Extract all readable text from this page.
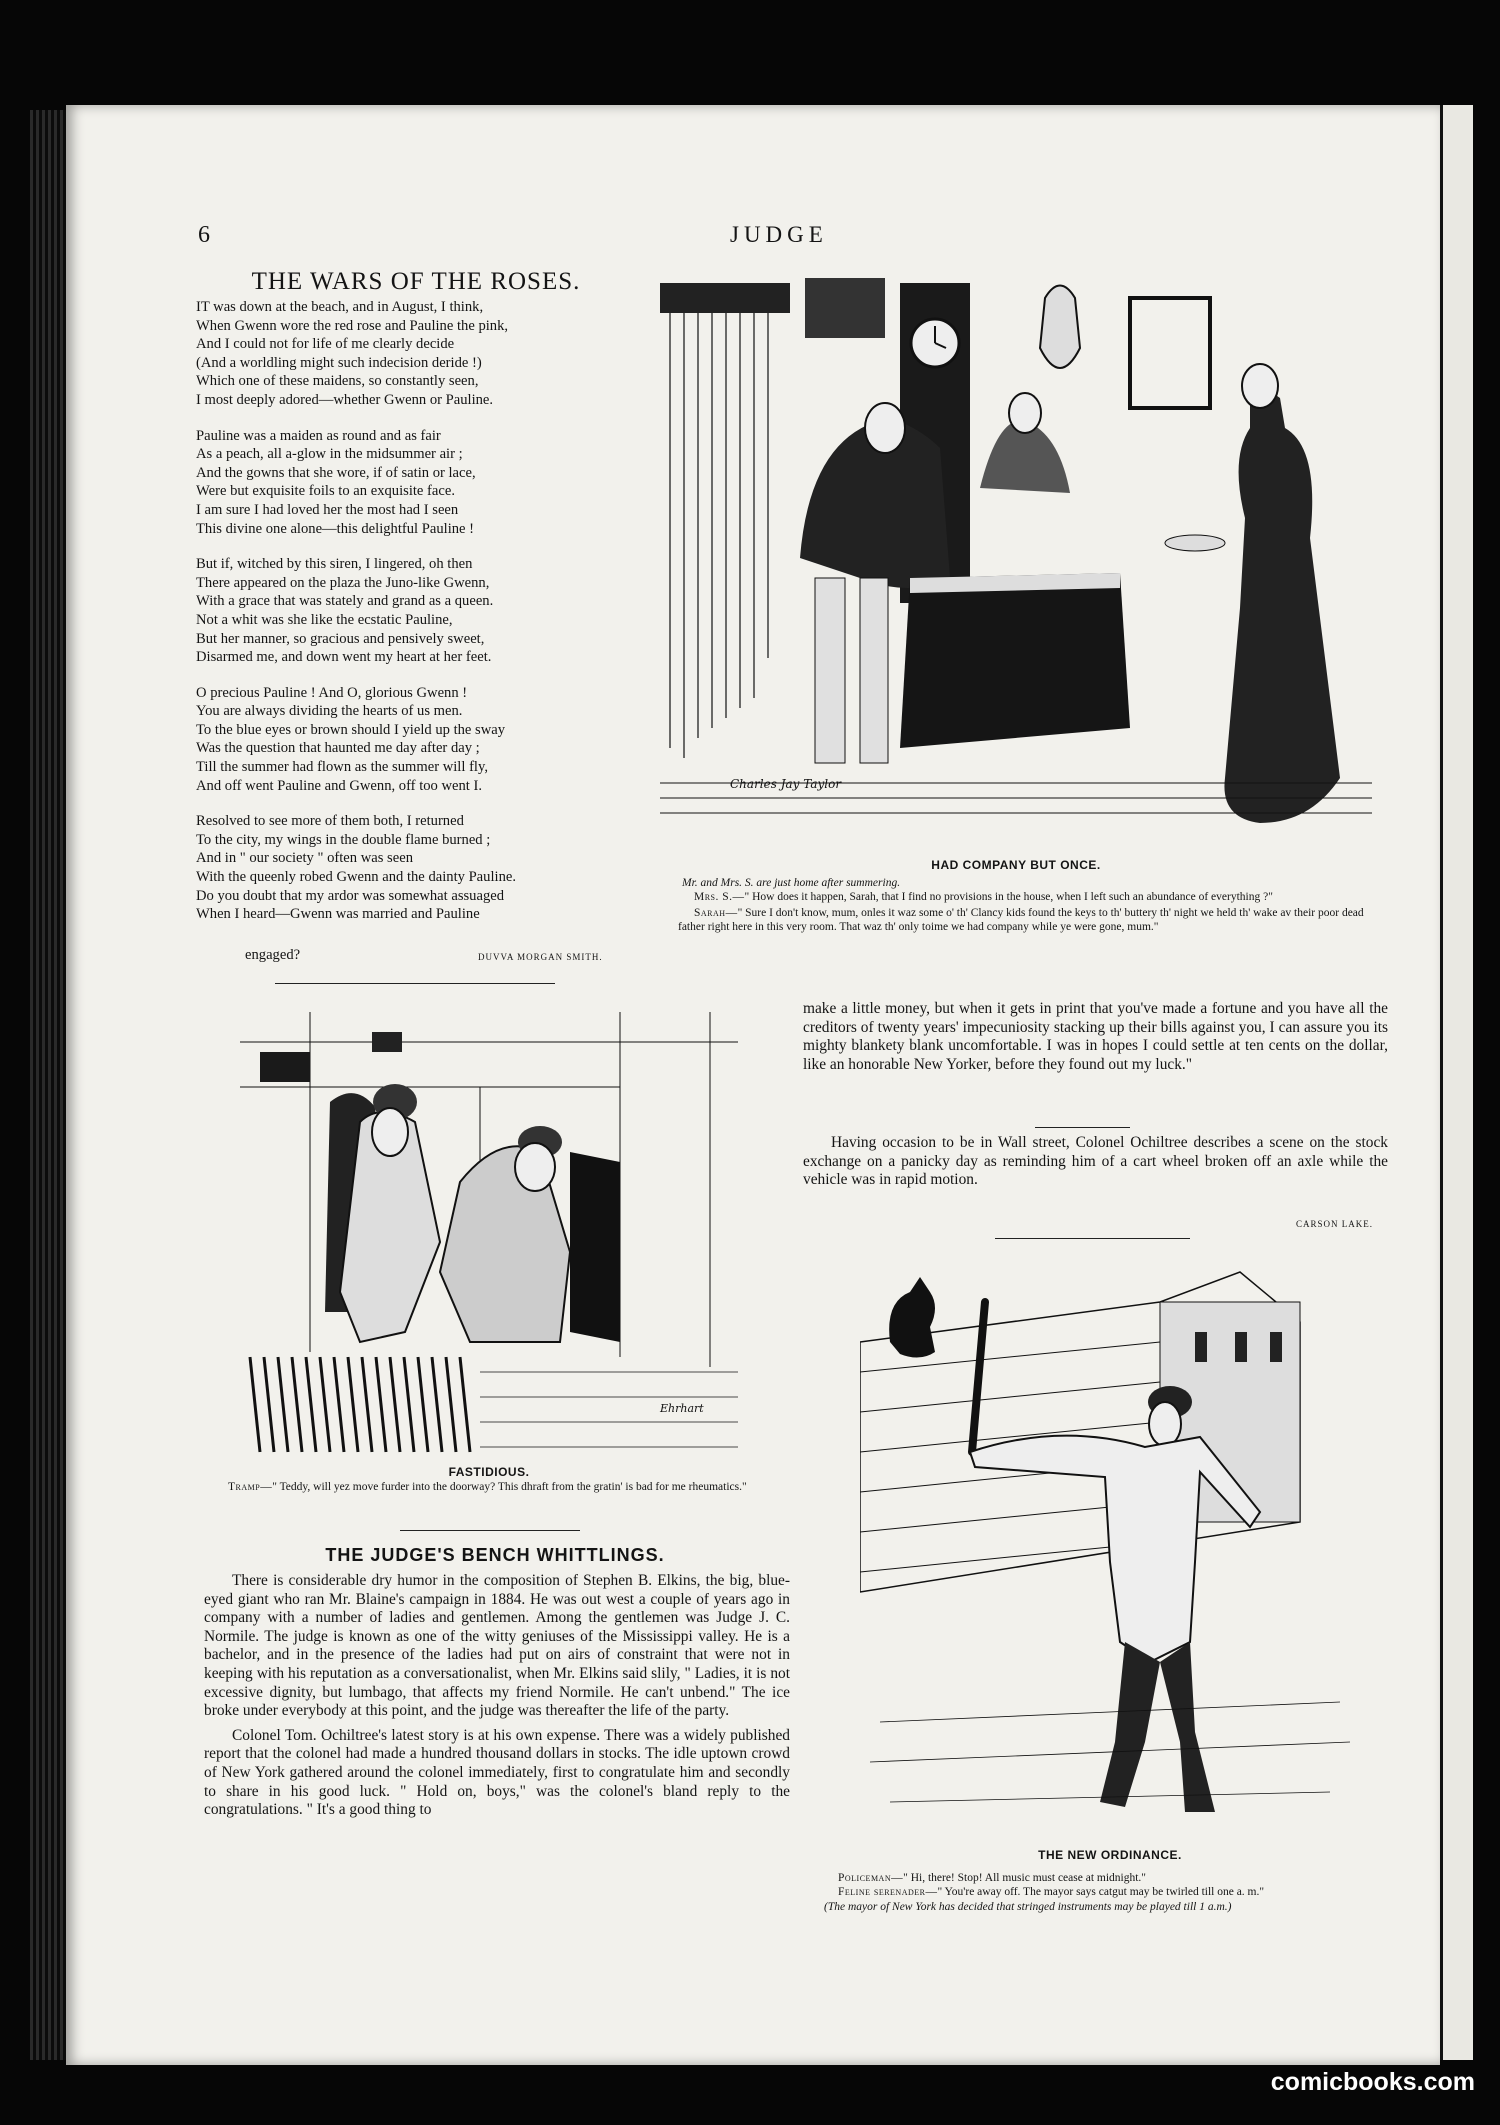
6	JUDGE
THE WARS OF THE ROSES.

IT was down at the beach, and in August, I think,
When Gwenn wore the red rose and Pauline the pink,
And I could not for life of me clearly decide
(And a worldling might such indecision deride !)
Which one of these maidens, so constantly seen,
I most deeply adored—whether Gwenn or Pauline.

Pauline was a maiden as round and as fair
As a peach, all a-glow in the midsummer air ;
And the gowns that she wore, if of satin or lace,
Were but exquisite foils to an exquisite face.
I am sure I had loved her the most had I seen
This divine one alone—this delightful Pauline !

But if, witched by this siren, I lingered, oh then
There appeared on the plaza the Juno-like Gwenn,
With a grace that was stately and grand as a queen.
Not a whit was she like the ecstatic Pauline,
But her manner, so gracious and pensively sweet,
Disarmed me, and down went my heart at her feet.

O precious Pauline ! And O, glorious Gwenn !
You are always dividing the hearts of us men.
To the blue eyes or brown should I yield up the sway
Was the question that haunted me day after day ;
Till the summer had flown as the summer will fly,
And off went Pauline and Gwenn, off too went I.

Resolved to see more of them both, I returned
To the city, my wings in the double flame burned ;
And in " our society " often was seen
With the queenly robed Gwenn and the dainty Pauline.
Do you doubt that my ardor was somewhat assuaged
When I heard—Gwenn was married and Pauline

engaged?	DUVVA MORGAN SMITH.
Charles Jay Taylor
HAD COMPANY BUT ONCE.

Mr. and Mrs. S. are just home after summering.

Mrs. S.—" How does it happen, Sarah, that I find no provisions in the house, when I left such an abundance of everything ?"

Sarah—" Sure I don't know, mum, onles it waz some o' th' Clancy kids found the keys to th' buttery th' night we held th' wake av their poor dead father right here in this very room. That waz th' only toime we had company while ye were gone, mum."

Ehrhart
FASTIDIOUS.

Tramp—" Teddy, will yez move furder into the doorway? This dhraft from the gratin' is bad for me rheumatics."

THE JUDGE'S BENCH WHITTLINGS.

There is considerable dry humor in the composition of Stephen B. Elkins, the big, blue-eyed giant who ran Mr. Blaine's campaign in 1884. He was out west a couple of years ago in company with a number of ladies and gentlemen. Among the gentlemen was Judge J. C. Normile. The judge is known as one of the witty geniuses of the Mississippi valley. He is a bachelor, and in the presence of the ladies had put on airs of constraint that were not in keeping with his reputation as a conversationalist, when Mr. Elkins said slily, " Ladies, it is not excessive dignity, but lumbago, that affects my friend Normile. He can't unbend." The ice broke under everybody at this point, and the judge was thereafter the life of the party.

Colonel Tom. Ochiltree's latest story is at his own expense. There was a widely published report that the colonel had made a hundred thousand dollars in stocks. The idle uptown crowd of New York gathered around the colonel immediately, first to congratulate him and secondly to share in his good luck. " Hold on, boys," was the colonel's bland reply to the congratulations. " It's a good thing to

make a little money, but when it gets in print that you've made a fortune and you have all the creditors of twenty years' impecuniosity stacking up their bills against you, I can assure you its mighty blankety blank uncomfortable. I was in hopes I could settle at ten cents on the dollar, like an honorable New Yorker, before they found out my luck."

Having occasion to be in Wall street, Colonel Ochiltree describes a scene on the stock exchange on a panicky day as reminding him of a cart wheel broken off an axle while the vehicle was in rapid motion.

CARSON LAKE.
THE NEW ORDINANCE.

Policeman—" Hi, there! Stop! All music must cease at midnight."

Feline serenader—" You're away off. The mayor says catgut may be twirled till one a. m."

(The mayor of New York has decided that stringed instruments may be played till 1 a.m.)

comicbooks.com
